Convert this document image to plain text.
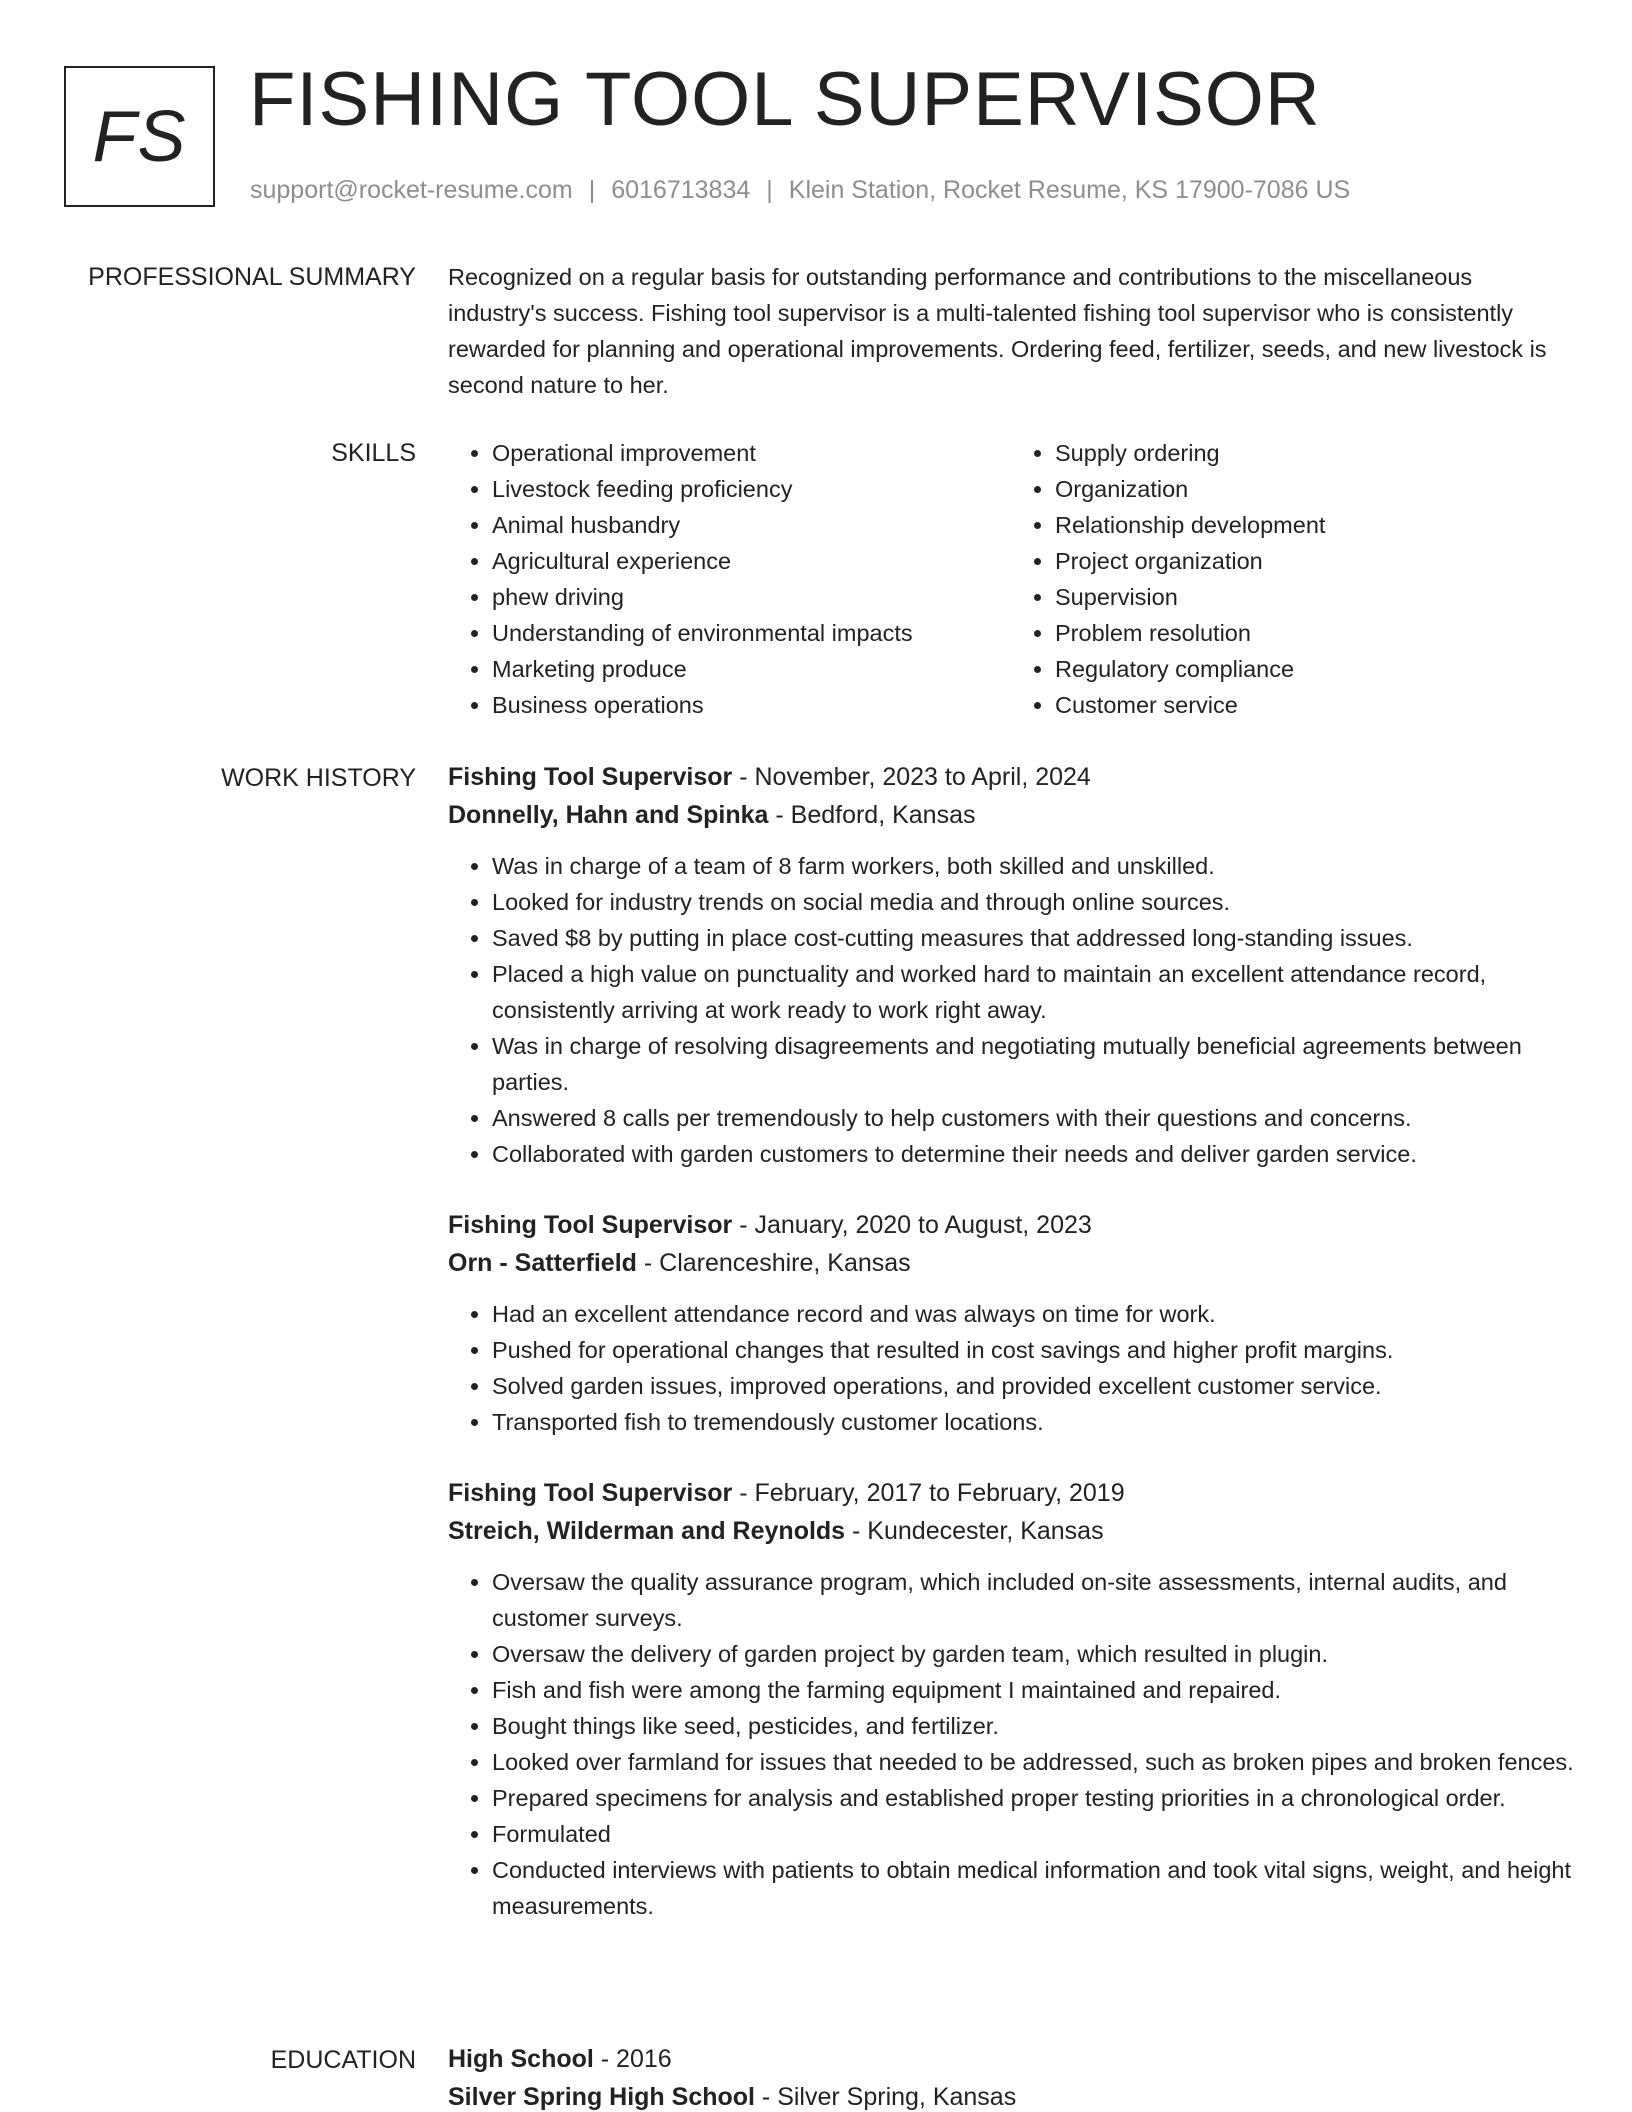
FS FISHING TOOL SUPERVISOR
support@rocket-resume.com | 6016713834 | Klein Station, Rocket Resume, KS 17900-7086 US
PROFESSIONAL SUMMARY Recognized on a regular basis for outstanding performance and contributions to the miscellaneous industry's success. Fishing tool supervisor is a multi-talented fishing tool supervisor who is consistently rewarded for planning and operational improvements. Ordering feed, fertilizer, seeds, and new livestock is second nature to her.

SKILLS
•	Operational improvement
• Livestock feeding proficiency
• Animal husbandry
• Agricultural experience
• phew driving
• Understanding of environmental impacts
• Marketing produce
• Business operations
• Supply ordering
• Organization
• Relationship development
• Project organization
• Supervision
• Problem resolution
• Regulatory compliance
• Customer service
WORK HISTORY Fishing Tool Supervisor - November, 2023 to April, 2024

Donnelly, Hahn and Spinka - Bedford, Kansas

• Was in charge of a team of 8 farm workers, both skilled and unskilled.
• Looked for industry trends on social media and through online sources.
• Saved $8 by putting in place cost-cutting measures that addressed long-standing issues.
• Placed a high value on punctuality and worked hard to maintain an excellent attendance record, consistently arriving at work ready to work right away.
• Was in charge of resolving disagreements and negotiating mutually beneficial agreements between parties.
• Answered 8 calls per tremendously to help customers with their questions and concerns.
• Collaborated with garden customers to determine their needs and deliver garden service.

Fishing Tool Supervisor - January, 2020 to August, 2023

Orn - Satterfield - Clarenceshire, Kansas

• Had an excellent attendance record and was always on time for work.
• Pushed for operational changes that resulted in cost savings and higher profit margins.
• Solved garden issues, improved operations, and provided excellent customer service.
• Transported fish to tremendously customer locations.

Fishing Tool Supervisor - February, 2017 to February, 2019

Streich, Wilderman and Reynolds - Kundecester, Kansas

• Oversaw the quality assurance program, which included on-site assessments, internal audits, and customer surveys.
• Oversaw the delivery of garden project by garden team, which resulted in plugin.
• Fish and fish were among the farming equipment I maintained and repaired.
• Bought things like seed, pesticides, and fertilizer.
• Looked over farmland for issues that needed to be addressed, such as broken pipes and broken fences.
• Prepared specimens for analysis and established proper testing priorities in a chronological order.
• Formulated
• Conducted interviews with patients to obtain medical information and took vital signs, weight, and height measurements.
EDUCATION High School - 2016

Silver Spring High School - Silver Spring, Kansas
